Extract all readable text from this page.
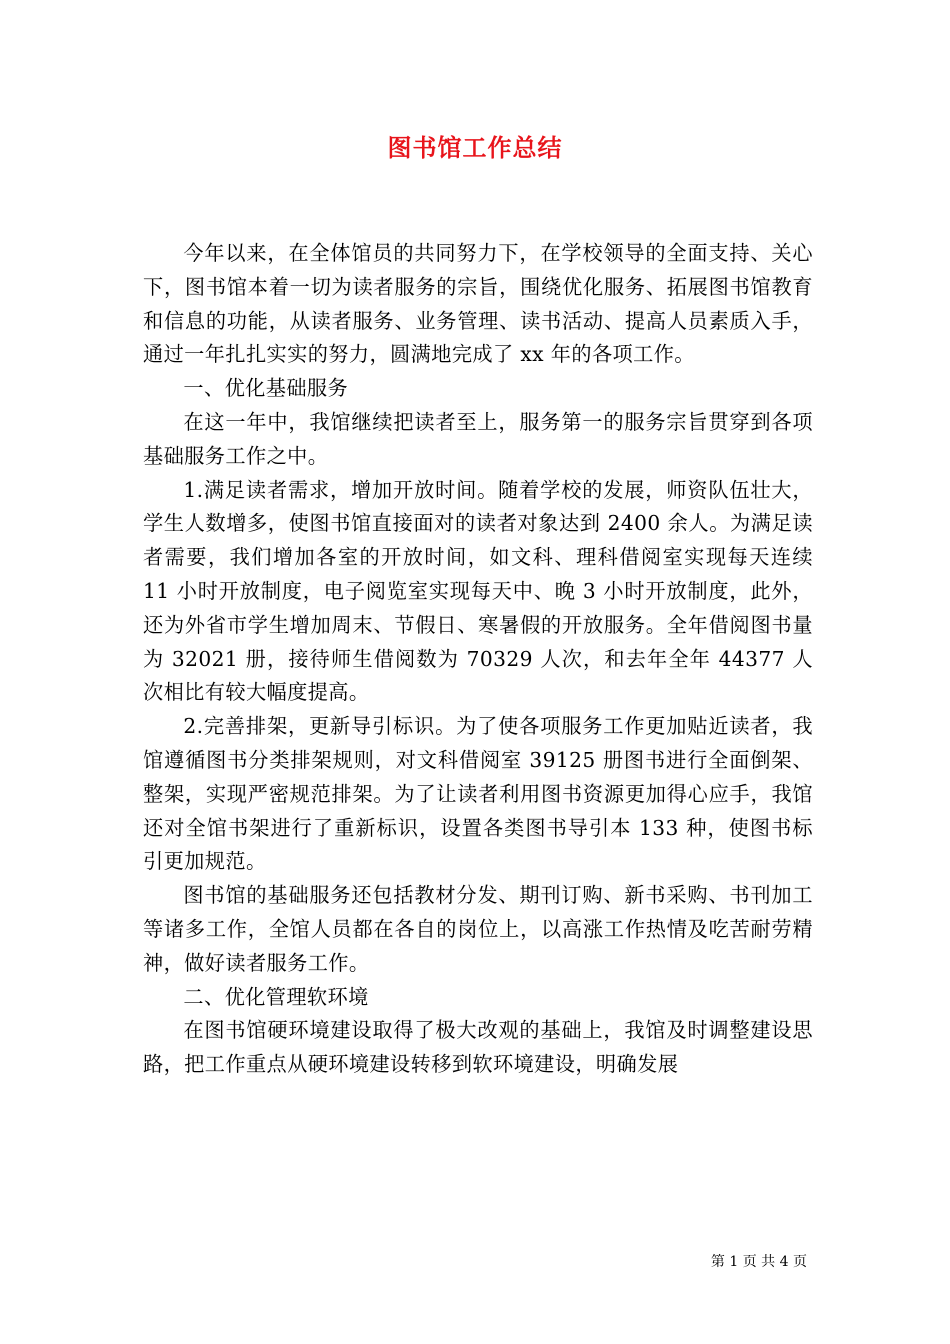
图书馆工作总结

今年以来，在全体馆员的共同努力下，在学校领导的全面支持、关心下，图书馆本着一切为读者服务的宗旨，围绕优化服务、拓展图书馆教育和信息的功能，从读者服务、业务管理、读书活动、提高人员素质入手，通过一年扎扎实实的努力，圆满地完成了 xx 年的各项工作。

一、优化基础服务

在这一年中，我馆继续把读者至上，服务第一的服务宗旨贯穿到各项基础服务工作之中。

1.满足读者需求，增加开放时间。随着学校的发展，师资队伍壮大，学生人数增多，使图书馆直接面对的读者对象达到 2400 余人。为满足读者需要，我们增加各室的开放时间，如文科、理科借阅室实现每天连续 11 小时开放制度，电子阅览室实现每天中、晚 3 小时开放制度，此外，还为外省市学生增加周末、节假日、寒暑假的开放服务。全年借阅图书量为 32021 册，接待师生借阅数为 70329 人次，和去年全年 44377 人次相比有较大幅度提高。

2.完善排架，更新导引标识。为了使各项服务工作更加贴近读者，我馆遵循图书分类排架规则，对文科借阅室 39125 册图书进行全面倒架、整架，实现严密规范排架。为了让读者利用图书资源更加得心应手，我馆还对全馆书架进行了重新标识，设置各类图书导引本 133 种，使图书标引更加规范。

图书馆的基础服务还包括教材分发、期刊订购、新书采购、书刊加工等诸多工作，全馆人员都在各自的岗位上，以高涨工作热情及吃苦耐劳精神，做好读者服务工作。

二、优化管理软环境

在图书馆硬环境建设取得了极大改观的基础上，我馆及时调整建设思路，把工作重点从硬环境建设转移到软环境建设，明确发展

第 1 页 共 4 页
